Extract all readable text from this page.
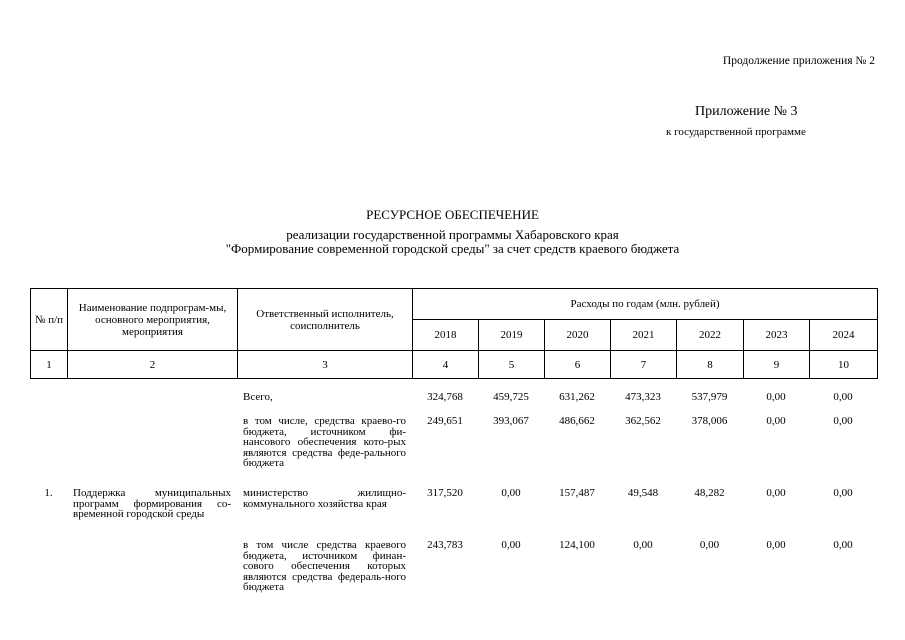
Продолжение приложения № 2
Приложение № 3
к государственной программе
РЕСУРСНОЕ ОБЕСПЕЧЕНИЕ
реализации государственной программы Хабаровского края
"Формирование современной городской среды" за счет средств краевого бюджета
№ п/п	Наименование подпрограм-мы, основного мероприятия, мероприятия	Ответственный исполнитель, соисполнитель	Расходы по годам (млн. рублей)						
			2018	2019	2020	2021	2022	2023	2024
1	2	3	4	5	6	7	8	9	10
		Всего,	324,768	459,725	631,262	473,323	537,979	0,00	0,00
		в том числе, средства краево-го бюджета, источником фи-нансового обеспечения кото-рых являются средства феде-рального бюджета	249,651	393,067	486,662	362,562	378,006	0,00	0,00
1.	Поддержка муниципальных программ формирования со-временной городской среды	министерство жилищно-коммунального хозяйства края	317,520	0,00	157,487	49,548	48,282	0,00	0,00
		в том числе средства краевого бюджета, источником финан-сового обеспечения которых являются средства федераль-ного бюджета	243,783	0,00	124,100	0,00	0,00	0,00	0,00
